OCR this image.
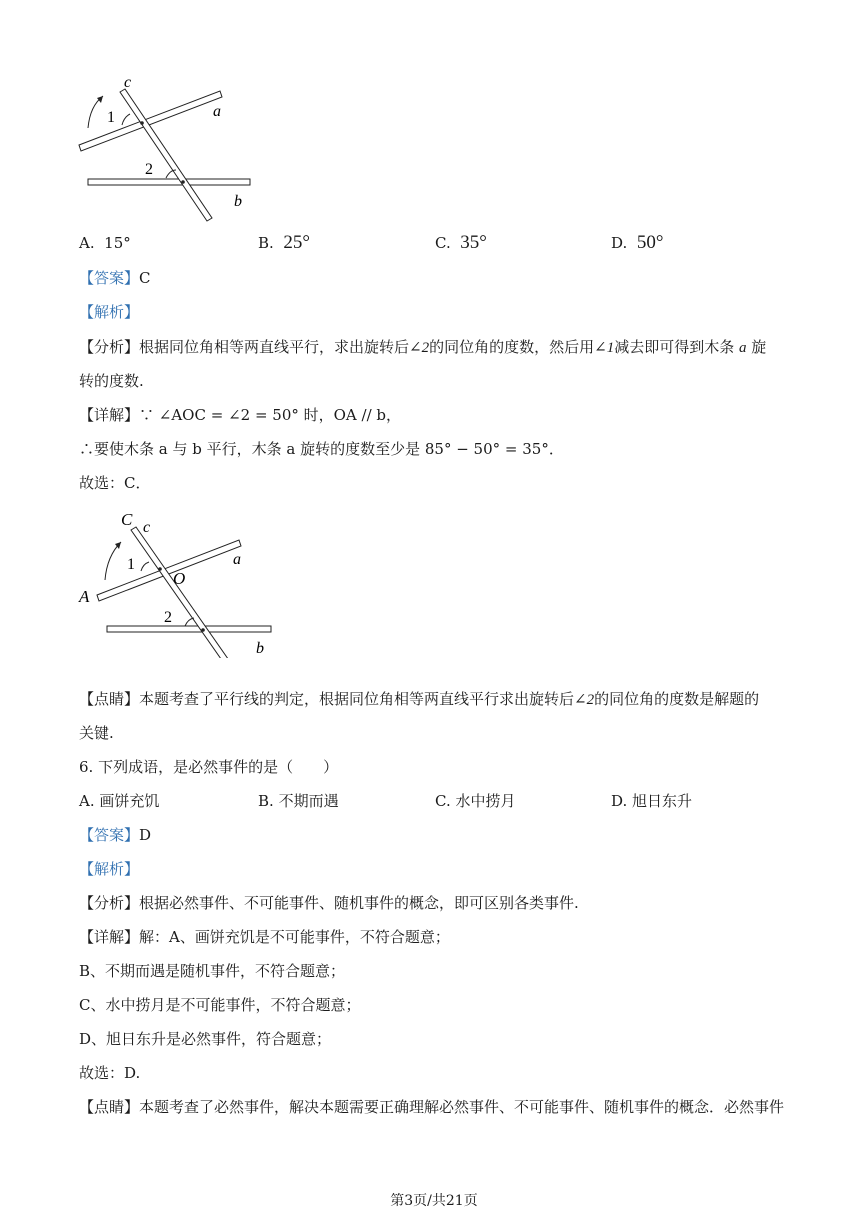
c
1	a
2
b
A. 15°	B. 25°	C. 35°	D. 50°
【答案】C
【解析】
【分析】根据同位角相等两直线平行，求出旋转后∠2的同位角的度数，然后用∠1减去即可得到木条 a 旋
转的度数.
【详解】∵ ∠AOC = ∠2 = 50° 时，OA // b，
∴要使木条 a 与 b 平行，木条 a 旋转的度数至少是 85° − 50° = 35°．
故选：C．
C c
a
1
O
A
2
b
【点睛】本题考查了平行线的判定，根据同位角相等两直线平行求出旋转后∠2的同位角的度数是解题的
关键.
6. 下列成语，是必然事件的是（　　）
A. 画饼充饥	B. 不期而遇	C. 水中捞月	D. 旭日东升
【答案】D
【解析】
【分析】根据必然事件、不可能事件、随机事件的概念，即可区别各类事件.
【详解】解：A、画饼充饥是不可能事件，不符合题意；
B、不期而遇是随机事件，不符合题意；
C、水中捞月是不可能事件，不符合题意；
D、旭日东升是必然事件，符合题意；
故选：D.
【点睛】本题考查了必然事件，解决本题需要正确理解必然事件、不可能事件、随机事件的概念．必然事件
第3页/共21页
